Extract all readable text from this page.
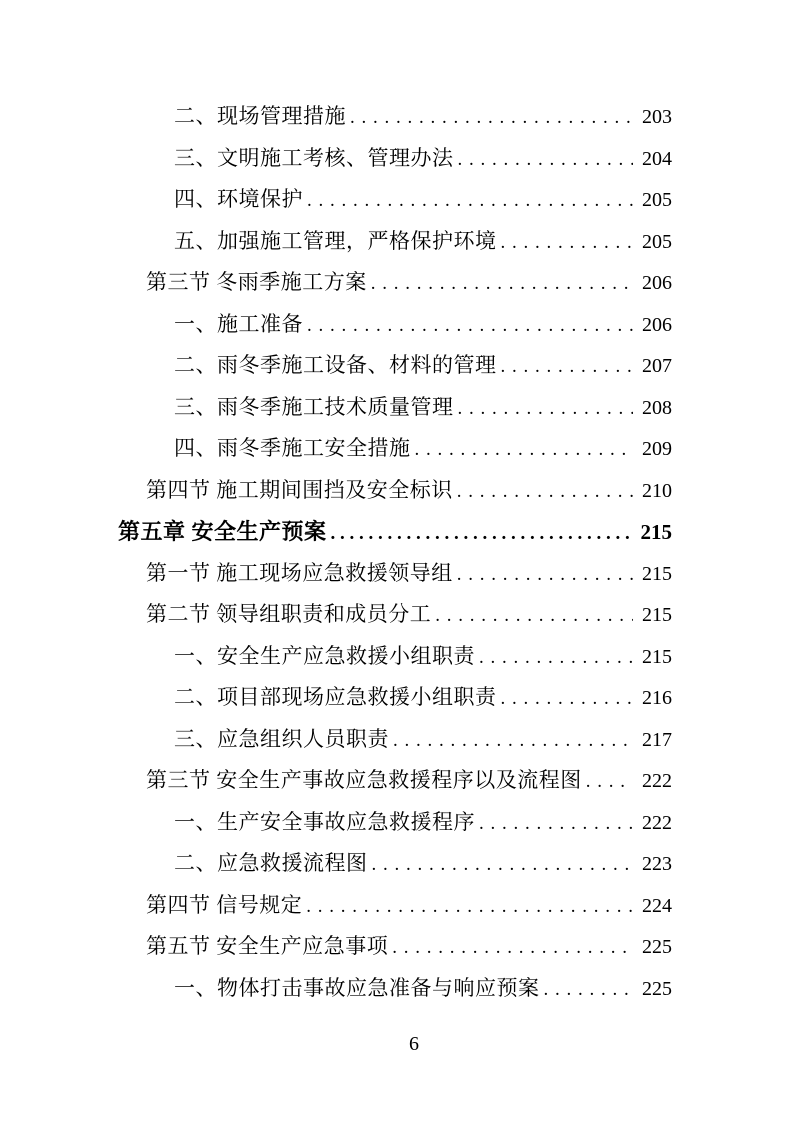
二、现场管理措施 . . .	203
三、文明施工考核、管理办法 . . .	204
四、环境保护 . . .	205
五、加强施工管理，严格保护环境 . . .	205
第三节 冬雨季施工方案 . . .	206
一、施工准备 . . .	206
二、雨冬季施工设备、材料的管理 . . .	207
三、雨冬季施工技术质量管理 . . .	208
四、雨冬季施工安全措施 . . .	209
第四节 施工期间围挡及安全标识 . . .	210
第五章 安全生产预案 . . .	215
第一节 施工现场应急救援领导组 . . .	215
第二节 领导组职责和成员分工 . . .	215
一、安全生产应急救援小组职责 . . .	215
二、项目部现场应急救援小组职责 . . .	216
三、应急组织人员职责 . . .	217
第三节 安全生产事故应急救援程序以及流程图 . . .	222
一、生产安全事故应急救援程序 . . .	222
二、应急救援流程图 . . .	223
第四节 信号规定 . . .	224
第五节 安全生产应急事项 . . .	225
一、物体打击事故应急准备与响应预案 . . .	225
6
